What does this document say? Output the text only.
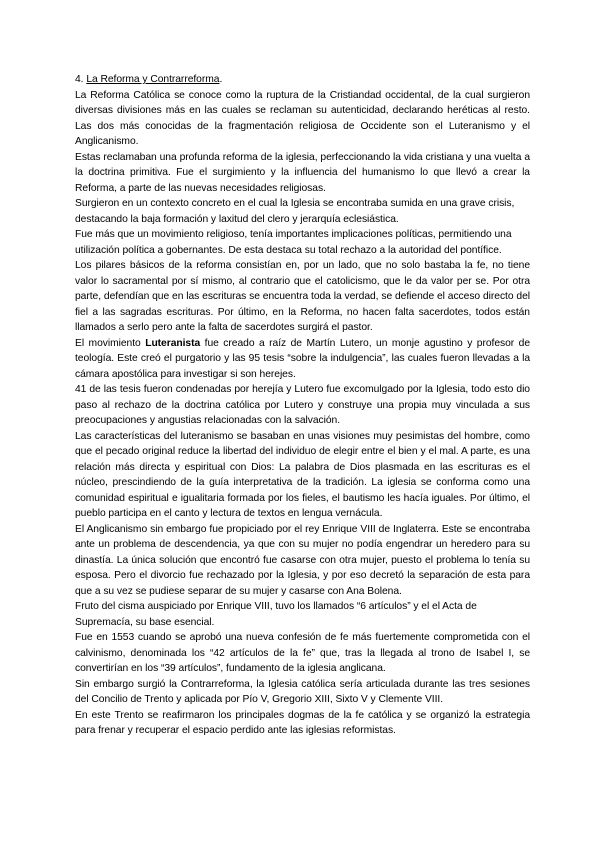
4. La Reforma y Contrarreforma.

La Reforma Católica se conoce como la ruptura de la Cristiandad occidental, de la cual surgieron diversas divisiones más en las cuales se reclaman su autenticidad, declarando heréticas al resto. Las dos más conocidas de la fragmentación religiosa de Occidente son el Luteranismo y el Anglicanismo.

Estas reclamaban una profunda reforma de la iglesia, perfeccionando la vida cristiana y una vuelta a la doctrina primitiva. Fue el surgimiento y la influencia del humanismo lo que llevó a crear la Reforma, a parte de las nuevas necesidades religiosas.

Surgieron en un contexto concreto en el cual la Iglesia se encontraba sumida en una grave crisis, destacando la baja formación y laxitud del clero y jerarquía eclesiástica.

Fue más que un movimiento religioso, tenía importantes implicaciones políticas, permitiendo una utilización política a gobernantes. De esta destaca su total rechazo a la autoridad del pontífice.

Los pilares básicos de la reforma consistían en, por un lado, que no solo bastaba la fe, no tiene valor lo sacramental por sí mismo, al contrario que el catolicismo, que le da valor per se. Por otra parte, defendían que en las escrituras se encuentra toda la verdad, se defiende el acceso directo del fiel a las sagradas escrituras. Por último, en la Reforma, no hacen falta sacerdotes, todos están llamados a serlo pero ante la falta de sacerdotes surgirá el pastor.

El movimiento Luteranista fue creado a raíz de Martín Lutero, un monje agustino y profesor de teología. Este creó el purgatorio y las 95 tesis “sobre la indulgencia”, las cuales fueron llevadas a la cámara apostólica para investigar si son herejes.

41 de las tesis fueron condenadas por herejía y Lutero fue excomulgado por la Iglesia, todo esto dio paso al rechazo de la doctrina católica por Lutero y construye una propia muy vinculada a sus preocupaciones y angustias relacionadas con la salvación.

Las características del luteranismo se basaban en unas visiones muy pesimistas del hombre, como que el pecado original reduce la libertad del individuo de elegir entre el bien y el mal. A parte, es una relación más directa y espiritual con Dios: La palabra de Dios plasmada en las escrituras es el núcleo, prescindiendo de la guía interpretativa de la tradición. La iglesia se conforma como una comunidad espiritual e igualitaria formada por los fieles, el bautismo les hacía iguales. Por último, el pueblo participa en el canto y lectura de textos en lengua vernácula.

El Anglicanismo sin embargo fue propiciado por el rey Enrique VIII de Inglaterra. Este se encontraba ante un problema de descendencia, ya que con su mujer no podía engendrar un heredero para su dinastía. La única solución que encontró fue casarse con otra mujer, puesto el problema lo tenía su esposa. Pero el divorcio fue rechazado por la Iglesia, y por eso decretó la separación de esta para que a su vez se pudiese separar de su mujer y casarse con Ana Bolena.

Fruto del cisma auspiciado por Enrique VIII, tuvo los llamados “6 artículos” y el el Acta de Supremacía, su base esencial.

Fue en 1553 cuando se aprobó una nueva confesión de fe más fuertemente comprometida con el calvinismo, denominada los “42 artículos de la fe” que, tras la llegada al trono de Isabel I, se convertirían en los “39 artículos”, fundamento de la iglesia anglicana.

Sin embargo surgió la Contrarreforma, la Iglesia católica sería articulada durante las tres sesiones del Concilio de Trento y aplicada por Pío V, Gregorio XIII, Sixto V y Clemente VIII.

En este Trento se reafirmaron los principales dogmas de la fe católica y se organizó la estrategia para frenar y recuperar el espacio perdido ante las iglesias reformistas.
